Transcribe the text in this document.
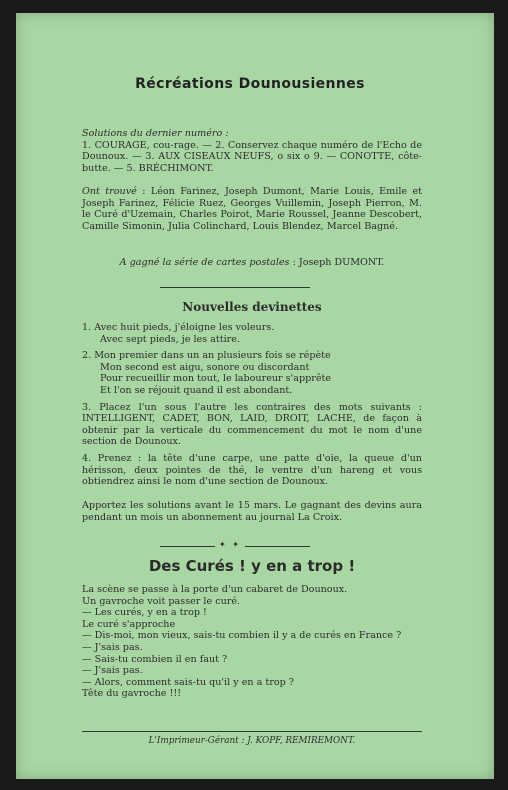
Récréations Dounousiennes

Solutions du dernier numéro :

1. COURAGE, cou-rage. — 2. Conservez chaque numéro de l'Echo de Dounoux. — 3. AUX CISEAUX NEUFS, o six o 9. — CONOTTE, côte-butte. — 5. BRÉCHIMONT.

Ont trouvé : Léon Farinez, Joseph Dumont, Marie Louis, Emile et Joseph Farinez, Félicie Ruez, Georges Vuillemin, Joseph Pierron, M. le Curé d'Uzemain, Charles Poirot, Marie Roussel, Jeanne Descobert, Camille Simonin, Julia Colinchard, Louis Blendez, Marcel Bagné.
A gagné la série de cartes postales : Joseph DUMONT.
Nouvelles devinettes

1. Avec huit pieds, j'éloigne les voleurs.

Avec sept pieds, je les attire.

2. Mon premier dans un an plusieurs fois se répète

Mon second est aigu, sonore ou discordant

Pour recueillir mon tout, le laboureur s'apprête

Et l'on se réjouit quand il est abondant.

3. Placez l'un sous l'autre les contraires des mots suivants : INTELLIGENT, CADET, BON, LAID, DROIT, LACHE, de façon à obtenir par la verticale du commencement du mot le nom d'une section de Dounoux.

4. Prenez : la tête d'une carpe, une patte d'oie, la queue d'un hérisson, deux pointes de thé, le ventre d'un hareng et vous obtiendrez ainsi le nom d'une section de Dounoux.

Apportez les solutions avant le 15 mars. Le gagnant des devins aura pendant un mois un abonnement au journal La Croix.
✦ ✦
Des Curés ! y en a trop !

La scène se passe à la porte d'un cabaret de Dounoux.

Un gavroche voit passer le curé.

— Les curés, y en a trop !

Le curé s'approche

— Dis-moi, mon vieux, sais-tu combien il y a de curés en France ?

— J'sais pas.

— Sais-tu combien il en faut ?

— J'sais pas.

— Alors, comment sais-tu qu'il y en a trop ?

Tête du gavroche !!!

L'Imprimeur-Gérant : J. KOPF, REMIREMONT.
